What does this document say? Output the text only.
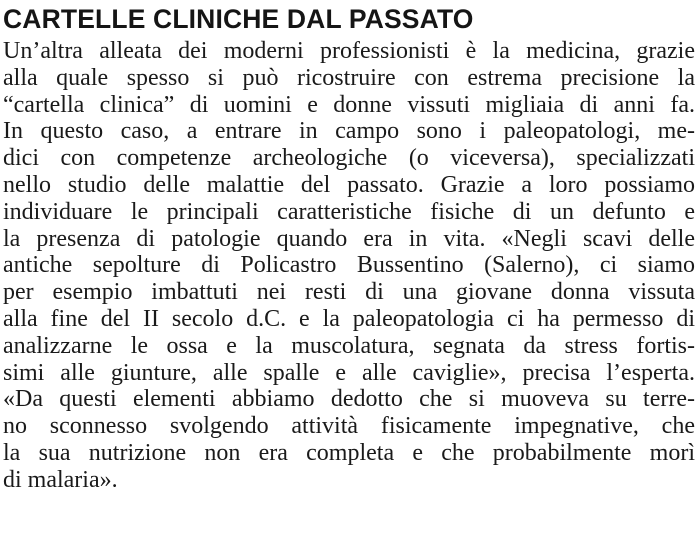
CARTELLE CLINICHE DAL PASSATO
Un’altra alleata dei moderni professionisti è la medicina, grazie
alla quale spesso si può ricostruire con estrema precisione la
“cartella clinica” di uomini e donne vissuti migliaia di anni fa.
In questo caso, a entrare in campo sono i paleopatologi, me-
dici con competenze archeologiche (o viceversa), specializzati
nello studio delle malattie del passato. Grazie a loro possiamo
individuare le principali caratteristiche fisiche di un defunto e
la presenza di patologie quando era in vita. «Negli scavi delle
antiche sepolture di Policastro Bussentino (Salerno), ci siamo
per esempio imbattuti nei resti di una giovane donna vissuta
alla fine del II secolo d.C. e la paleopatologia ci ha permesso di
analizzarne le ossa e la muscolatura, segnata da stress fortis-
simi alle giunture, alle spalle e alle caviglie», precisa l’esperta.
«Da questi elementi abbiamo dedotto che si muoveva su terre-
no sconnesso svolgendo attività fisicamente impegnative, che
la sua nutrizione non era completa e che probabilmente morì
di malaria».
